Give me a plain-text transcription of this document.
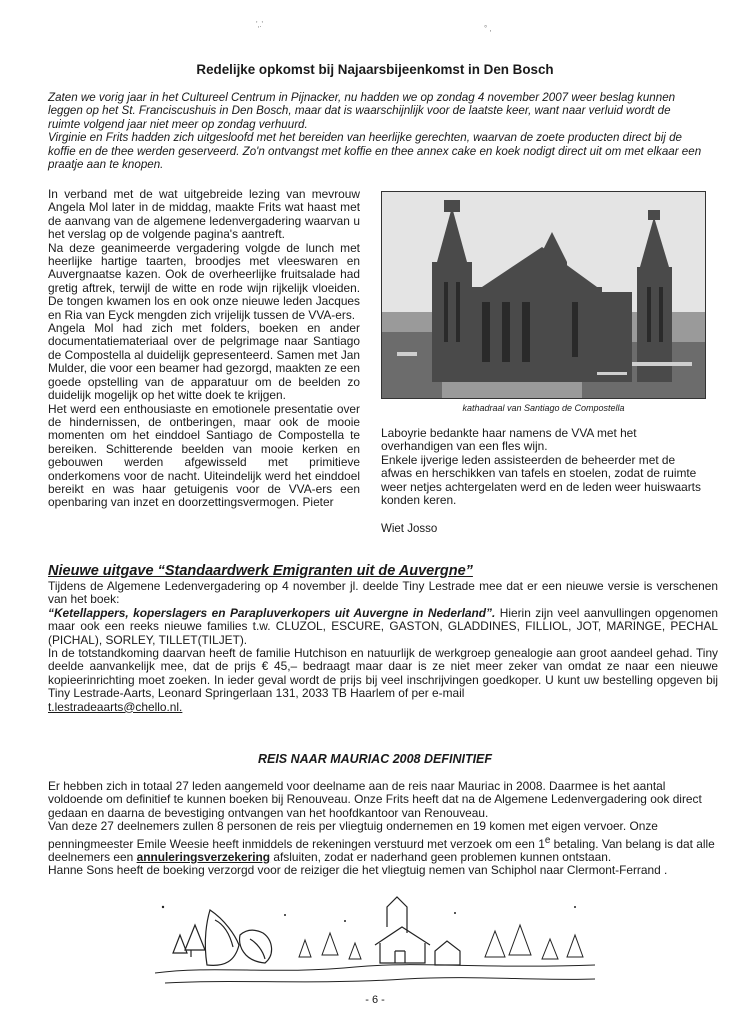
'‚.'	° ,
Redelijke opkomst bij Najaarsbijeenkomst in Den Bosch

Zaten we vorig jaar in het Cultureel Centrum in Pijnacker, nu hadden we op zondag 4 november 2007 weer beslag kunnen leggen op het St. Franciscushuis in Den Bosch, maar dat is waarschijnlijk voor de laatste keer, want naar verluid wordt de ruimte volgend jaar niet meer op zondag verhuurd.

Virginie en Frits hadden zich uitgesloofd met het bereiden van heerlijke gerechten, waarvan de zoete producten direct bij de koffie en de thee werden geserveerd. Zo'n ontvangst met koffie en thee annex cake en koek nodigt direct uit om met elkaar een praatje aan te knopen.

In verband met de wat uitgebreide lezing van mevrouw Angela Mol later in de middag, maakte Frits wat haast met de aanvang van de algemene ledenvergadering waarvan u het verslag op de volgende pagina's aantreft.

Na deze geanimeerde vergadering volgde de lunch met heerlijke hartige taarten, broodjes met vleeswaren en Auvergnaatse kazen. Ook de overheerlijke fruitsalade had gretig aftrek, terwijl de witte en rode wijn rijkelijk vloeiden. De tongen kwamen los en ook onze nieuwe leden Jacques en Ria van Eyck mengden zich vrijelijk tussen de VVA-ers.

Angela Mol had zich met folders, boeken en ander documentatiemateriaal over de pelgrimage naar Santiago de Compostella al duidelijk gepresenteerd. Samen met Jan Mulder, die voor een beamer had gezorgd, maakten ze een goede opstelling van de apparatuur om de beelden zo duidelijk mogelijk op het witte doek te krijgen.

Het werd een enthousiaste en emotionele presentatie over de hindernissen, de ontberingen, maar ook de mooie momenten om het einddoel Santiago de Compostella te bereiken. Schitterende beelden van mooie kerken en gebouwen werden afgewisseld met primitieve onderkomens voor de nacht. Uiteindelijk werd het einddoel bereikt en was haar getuigenis voor de VVA-ers een openbaring van inzet en doorzettingsvermogen. Pieter

kathadraal van Santiago de Compostella

Laboyrie bedankte haar namens de VVA met het overhandigen van een fles wijn.

Enkele ijverige leden assisteerden de beheerder met de afwas en herschikken van tafels en stoelen, zodat de ruimte weer netjes achtergelaten werd en de leden weer huiswaarts konden keren.

Wiet Josso
Nieuwe uitgave “Standaardwerk Emigranten uit de Auvergne”

Tijdens de Algemene Ledenvergadering op 4 november jl. deelde Tiny Lestrade mee dat er een nieuwe versie is verschenen van het boek:

“Ketellappers, koperslagers en Parapluverkopers uit Auvergne in Nederland”. Hierin zijn veel aanvullingen opgenomen maar ook een reeks nieuwe families t.w. CLUZOL, ESCURE, GASTON, GLADDINES, FILLIOL, JOT, MARINGE, PECHAL (PICHAL), SORLEY, TILLET(TILJET).

In de totstandkoming daarvan heeft de familie Hutchison en natuurlijk de werkgroep genealogie aan groot aandeel gehad. Tiny deelde aanvankelijk mee, dat de prijs € 45,– bedraagt maar daar is ze niet meer zeker van omdat ze naar een nieuwe kopieerinrichting moet zoeken. In ieder geval wordt de prijs bij veel inschrijvingen goedkoper. U kunt uw bestelling opgeven bij Tiny Lestrade-Aarts, Leonard Springerlaan 131, 2033 TB Haarlem of per e-mail

t.lestradeaarts@chello.nl.

REIS NAAR MAURIAC 2008 DEFINITIEF

Er hebben zich in totaal 27 leden aangemeld voor deelname aan de reis naar Mauriac in 2008. Daarmee is het aantal voldoende om definitief te kunnen boeken bij Renouveau. Onze Frits heeft dat na de Algemene Ledenvergadering ook direct gedaan en daarna de bevestiging ontvangen van het hoofdkantoor van Renouveau.

Van deze 27 deelnemers zullen 8 personen de reis per vliegtuig ondernemen en 19 komen met eigen vervoer. Onze penningmeester Emile Weesie heeft inmiddels de rekeningen verstuurd met verzoek om een 1e betaling. Van belang is dat alle deelnemers een annuleringsverzekering afsluiten, zodat er naderhand geen problemen kunnen ontstaan.

Hanne Sons heeft de boeking verzorgd voor de reiziger die het vliegtuig nemen van Schiphol naar Clermont-Ferrand .

- 6 -
